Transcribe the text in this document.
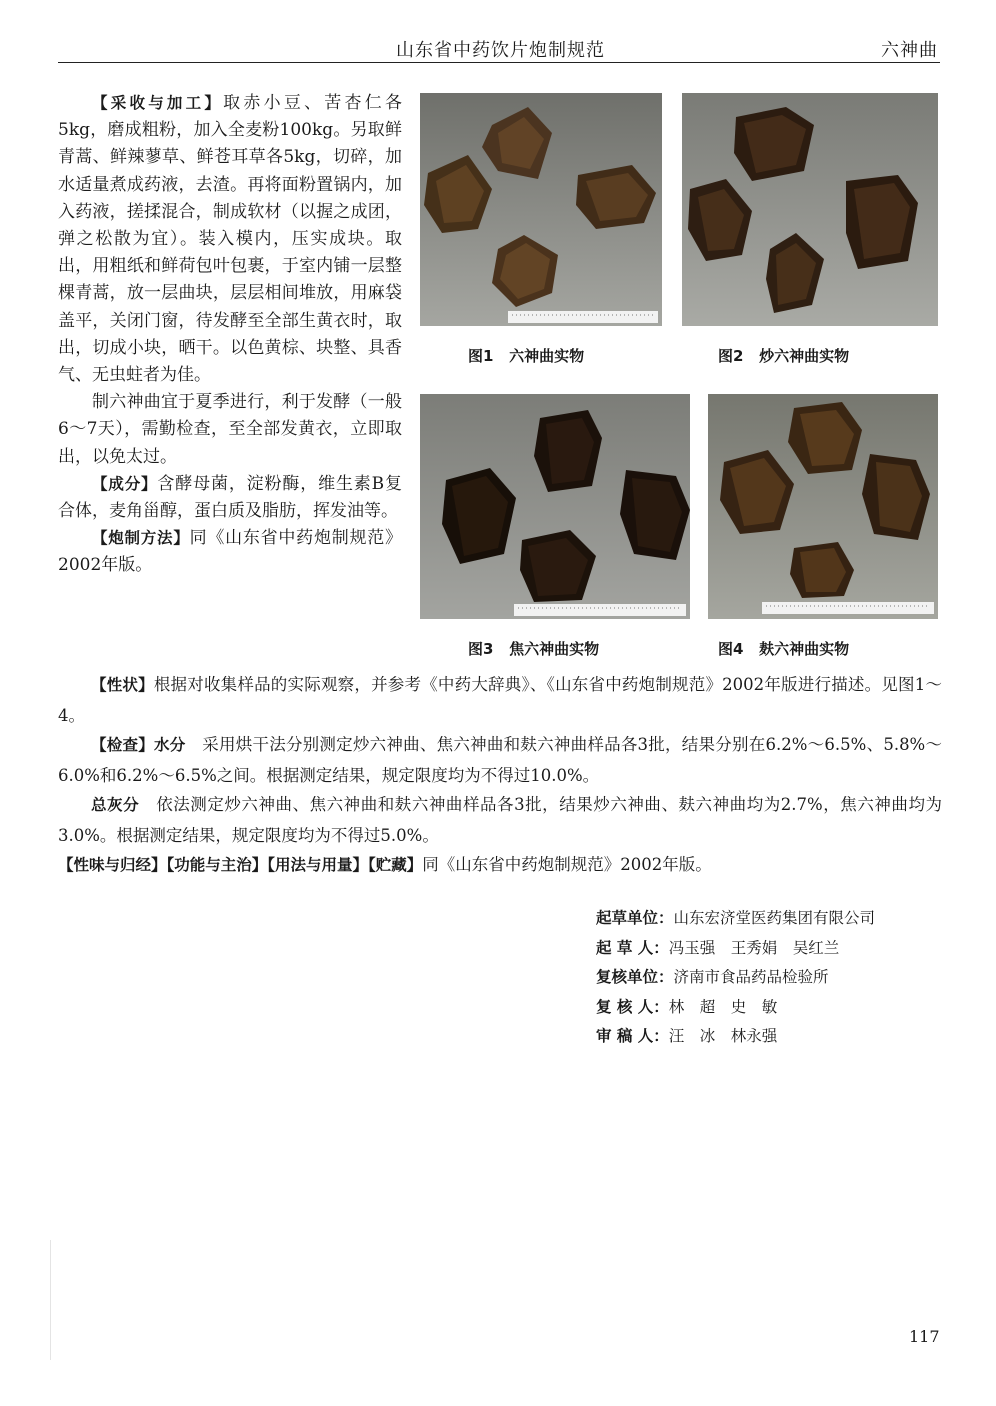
山东省中药饮片炮制规范	六神曲

【采收与加工】取赤小豆、苦杏仁各5kg，磨成粗粉，加入全麦粉100kg。另取鲜青蒿、鲜辣蓼草、鲜苍耳草各5kg，切碎，加水适量煮成药液，去渣。再将面粉置锅内，加入药液，搓揉混合，制成软材（以握之成团，弹之松散为宜）。装入模内，压实成块。取出，用粗纸和鲜荷包叶包裹，于室内铺一层整棵青蒿，放一层曲块，层层相间堆放，用麻袋盖平，关闭门窗，待发酵至全部生黄衣时，取出，切成小块，晒干。以色黄棕、块整、具香气、无虫蛀者为佳。

制六神曲宜于夏季进行，利于发酵（一般6～7天），需勤检查，至全部发黄衣，立即取出，以免太过。

【成分】含酵母菌，淀粉酶，维生素B复合体，麦角甾醇，蛋白质及脂肪，挥发油等。

【炮制方法】同《山东省中药炮制规范》2002年版。

图1 六神曲实物	图2 炒六神曲实物
图3 焦六神曲实物	图4 麸六神曲实物

【性状】根据对收集样品的实际观察，并参考《中药大辞典》、《山东省中药炮制规范》2002年版进行描述。见图1～4。

【检查】水分　 采用烘干法分别测定炒六神曲、焦六神曲和麸六神曲样品各3批，结果分别在6.2%～6.5%、5.8%～6.0%和6.2%～6.5%之间。根据测定结果，规定限度均为不得过10.0%。

总灰分　 依法测定炒六神曲、焦六神曲和麸六神曲样品各3批，结果炒六神曲、麸六神曲均为2.7%，焦六神曲均为3.0%。根据测定结果，规定限度均为不得过5.0%。

【性味与归经】【功能与主治】【用法与用量】【贮藏】同《山东省中药炮制规范》2002年版。

起草单位：山东宏济堂医药集团有限公司
起 草 人：冯玉强　王秀娟　吴红兰
复核单位：济南市食品药品检验所
复 核 人：林　超　史　敏
审 稿 人：汪　冰　林永强
117
